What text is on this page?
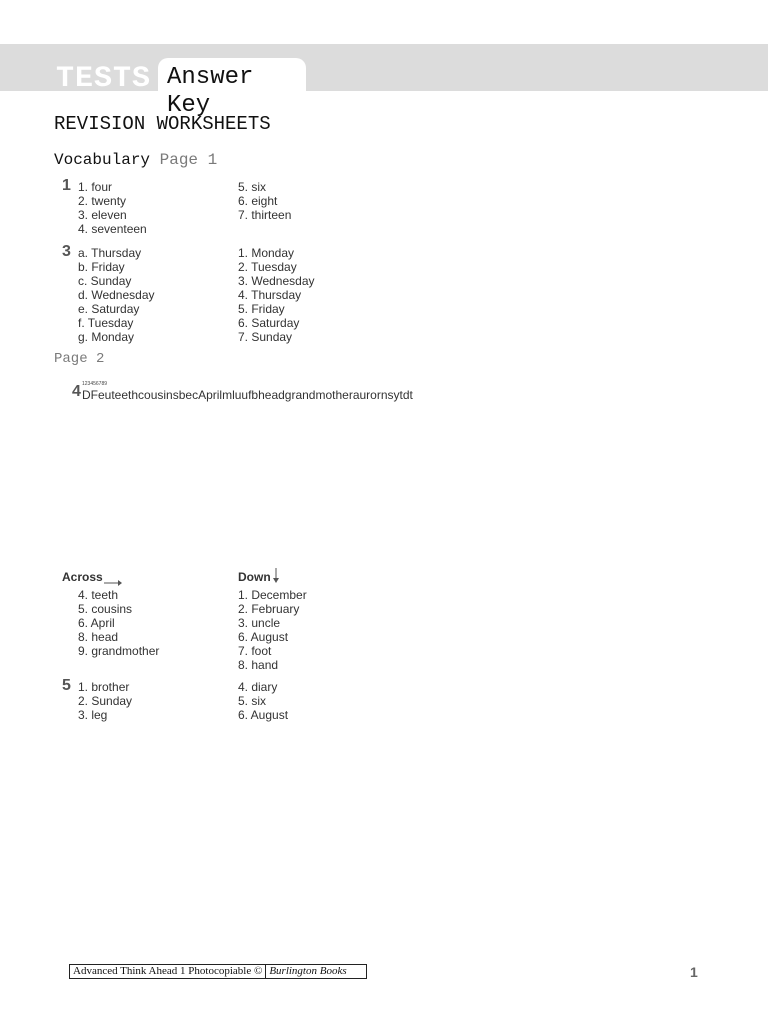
TESTS Answer Key
REVISION WORKSHEETS
Vocabulary Page 1
1 1. four
2. twenty
3. eleven
4. seventeen
5. six
6. eight
7. thirteen
3 a. Thursday
b. Friday
c. Sunday
d. Wednesday
e. Saturday
f. Tuesday
g. Monday
1. Monday
2. Tuesday
3. Wednesday
4. Thursday
5. Friday
6. Saturday
7. Sunday
Page 2
4 123456789
DFeuteethcousinsbecAprilmluufbheadgrandmotheraurornsytdt
Across	Down
4. teeth
5. cousins
6. April
8. head
9. grandmother
1. December
2. February
3. uncle
6. August
7. foot
8. hand
5 1. brother
2. Sunday
3. leg
4. diary
5. six
6. August
Advanced Think Ahead 1 Photocopiable © Burlington Books	1
